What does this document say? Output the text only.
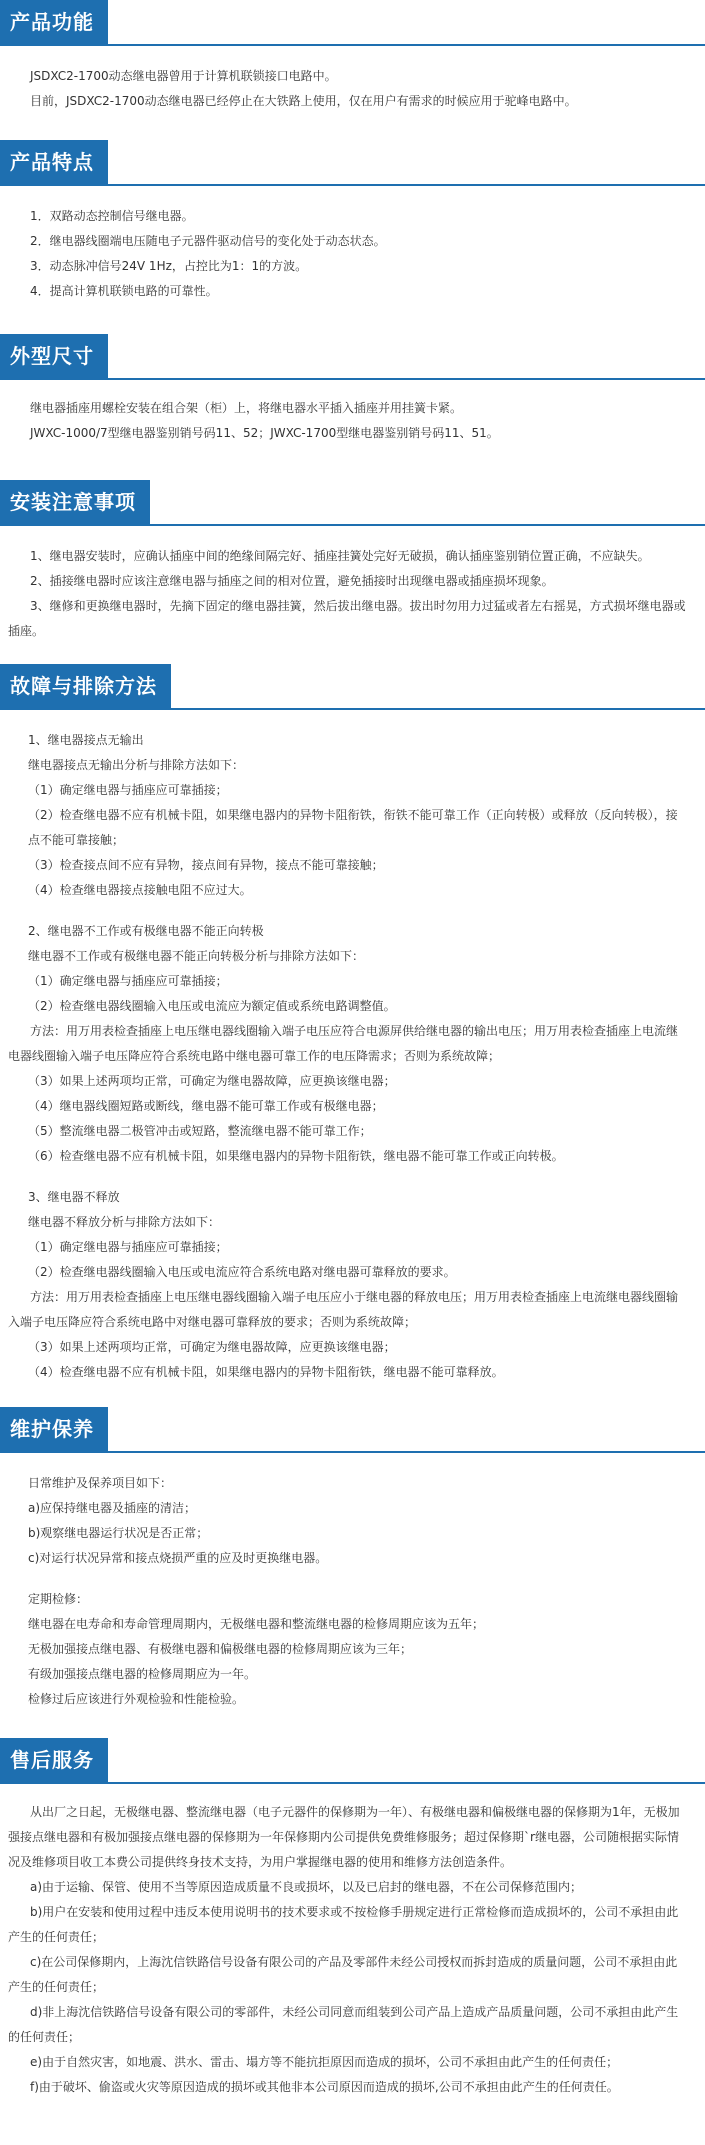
产品功能

JSDXC2-1700动态继电器曾用于计算机联锁接口电路中。

目前，JSDXC2-1700动态继电器已经停止在大铁路上使用，仅在用户有需求的时候应用于驼峰电路中。

产品特点

1．双路动态控制信号继电器。

2．继电器线圈端电压随电子元器件驱动信号的变化处于动态状态。

3．动态脉冲信号24V 1Hz，占控比为1：1的方波。

4．提高计算机联锁电路的可靠性。

外型尺寸

继电器插座用螺栓安装在组合架（柜）上，将继电器水平插入插座并用挂簧卡紧。

JWXC-1000/7型继电器鉴别销号码11、52；JWXC-1700型继电器鉴别销号码11、51。

安装注意事项

1、继电器安装时，应确认插座中间的绝缘间隔完好、插座挂簧处完好无破损，确认插座鉴别销位置正确，不应缺失。

2、插接继电器时应该注意继电器与插座之间的相对位置，避免插接时出现继电器或插座损坏现象。

3、继修和更换继电器时，先摘下固定的继电器挂簧，然后拔出继电器。拔出时勿用力过猛或者左右摇晃，方式损坏继电器或插座。

故障与排除方法

1、继电器接点无输出

继电器接点无输出分析与排除方法如下：

（1）确定继电器与插座应可靠插接；

（2）检查继电器不应有机械卡阻，如果继电器内的异物卡阻衔铁，衔铁不能可靠工作（正向转极）或释放（反向转极），接点不能可靠接触；

（3）检查接点间不应有异物，接点间有异物，接点不能可靠接触；

（4）检查继电器接点接触电阻不应过大。

2、继电器不工作或有极继电器不能正向转极

继电器不工作或有极继电器不能正向转极分析与排除方法如下：

（1）确定继电器与插座应可靠插接；

（2）检查继电器线圈输入电压或电流应为额定值或系统电路调整值。

方法：用万用表检查插座上电压继电器线圈输入端子电压应符合电源屏供给继电器的输出电压；用万用表检查插座上电流继电器线圈输入端子电压降应符合系统电路中继电器可靠工作的电压降需求；否则为系统故障；

（3）如果上述两项均正常，可确定为继电器故障，应更换该继电器；

（4）继电器线圈短路或断线，继电器不能可靠工作或有极继电器；

（5）整流继电器二极管冲击或短路，整流继电器不能可靠工作；

（6）检查继电器不应有机械卡阻，如果继电器内的异物卡阻衔铁，继电器不能可靠工作或正向转极。

3、继电器不释放

继电器不释放分析与排除方法如下：

（1）确定继电器与插座应可靠插接；

（2）检查继电器线圈输入电压或电流应符合系统电路对继电器可靠释放的要求。

方法：用万用表检查插座上电压继电器线圈输入端子电压应小于继电器的释放电压；用万用表检查插座上电流继电器线圈输入端子电压降应符合系统电路中对继电器可靠释放的要求；否则为系统故障；

（3）如果上述两项均正常，可确定为继电器故障，应更换该继电器；

（4）检查继电器不应有机械卡阻，如果继电器内的异物卡阻衔铁，继电器不能可靠释放。

维护保养

日常维护及保养项目如下：

a)应保持继电器及插座的清洁；

b)观察继电器运行状况是否正常；

c)对运行状况异常和接点烧损严重的应及时更换继电器。

定期检修：

继电器在电寿命和寿命管理周期内，无极继电器和整流继电器的检修周期应该为五年；

无极加强接点继电器、有极继电器和偏极继电器的检修周期应该为三年；

有级加强接点继电器的检修周期应为一年。

检修过后应该进行外观检验和性能检验。

售后服务

从出厂之日起，无极继电器、整流继电器（电子元器件的保修期为一年）、有极继电器和偏极继电器的保修期为1年，无极加强接点继电器和有极加强接点继电器的保修期为一年保修期内公司提供免费维修服务；超过保修期`r继电器，公司随根据实际情况及维修项目收工本费公司提供终身技术支持，为用户掌握继电器的使用和维修方法创造条件。

a)由于运输、保管、使用不当等原因造成质量不良或损坏，以及已启封的继电器，不在公司保修范围内；

b)用户在安装和使用过程中违反本使用说明书的技术要求或不按检修手册规定进行正常检修而造成损坏的，公司不承担由此产生的任何责任；

c)在公司保修期内，上海沈信铁路信号设备有限公司的产品及零部件未经公司授权而拆封造成的质量问题，公司不承担由此产生的任何责任；

d)非上海沈信铁路信号设备有限公司的零部件，未经公司同意而组装到公司产品上造成产品质量问题，公司不承担由此产生的任何责任；

e)由于自然灾害，如地震、洪水、雷击、塌方等不能抗拒原因而造成的损坏，公司不承担由此产生的任何责任；

f)由于破坏、偷盗或火灾等原因造成的损坏或其他非本公司原因而造成的损坏,公司不承担由此产生的任何责任。
